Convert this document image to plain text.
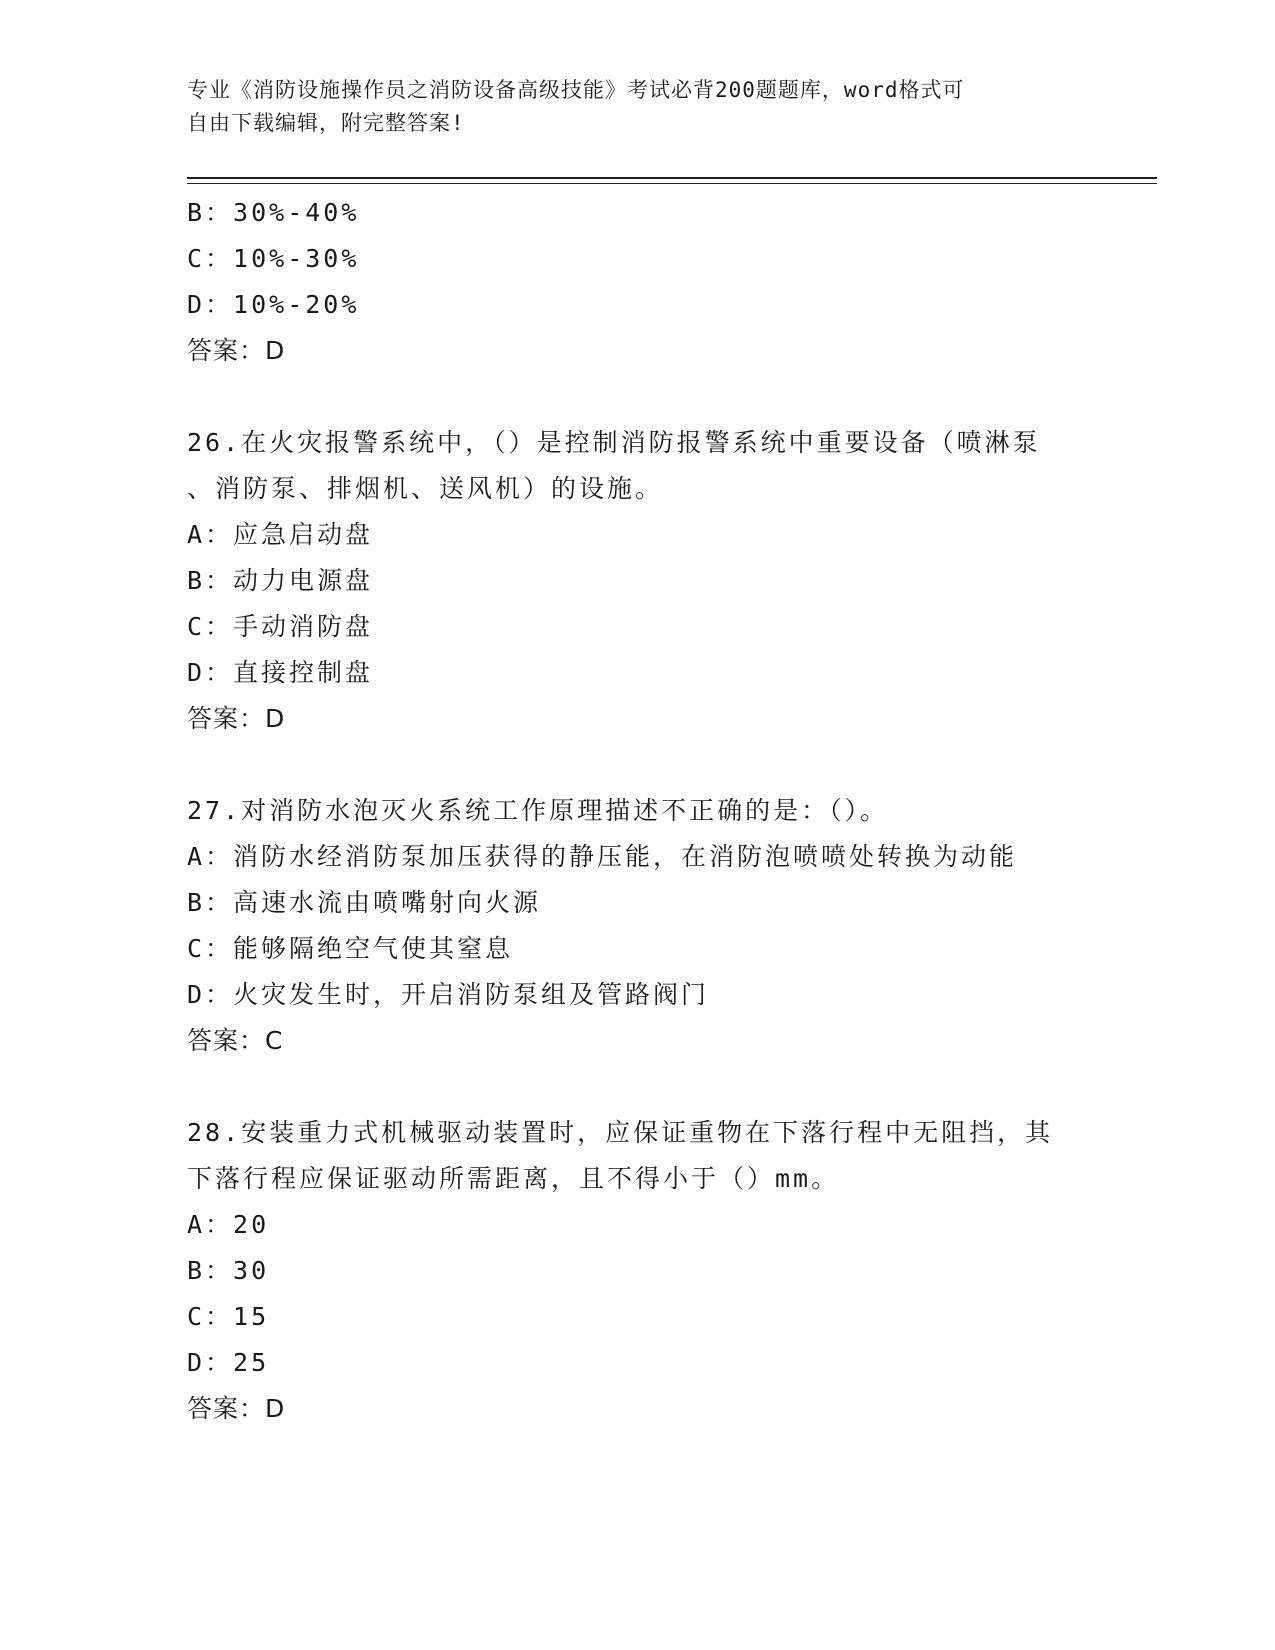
专业《消防设施操作员之消防设备高级技能》考试必背200题题库，word格式可
自由下载编辑，附完整答案!
B：30%-40%
C：10%-30%
D：10%-20%
答案：D
26.在火灾报警系统中，（）是控制消防报警系统中重要设备（喷淋泵
、消防泵、排烟机、送风机）的设施。
A：应急启动盘
B：动力电源盘
C：手动消防盘
D：直接控制盘
答案：D
27.对消防水泡灭火系统工作原理描述不正确的是：（）。
A：消防水经消防泵加压获得的静压能，在消防泡喷喷处转换为动能
B：高速水流由喷嘴射向火源
C：能够隔绝空气使其窒息
D：火灾发生时，开启消防泵组及管路阀门
答案：C
28.安装重力式机械驱动装置时，应保证重物在下落行程中无阻挡，其
下落行程应保证驱动所需距离，且不得小于（）mm。
A：20
B：30
C：15
D：25
答案：D
